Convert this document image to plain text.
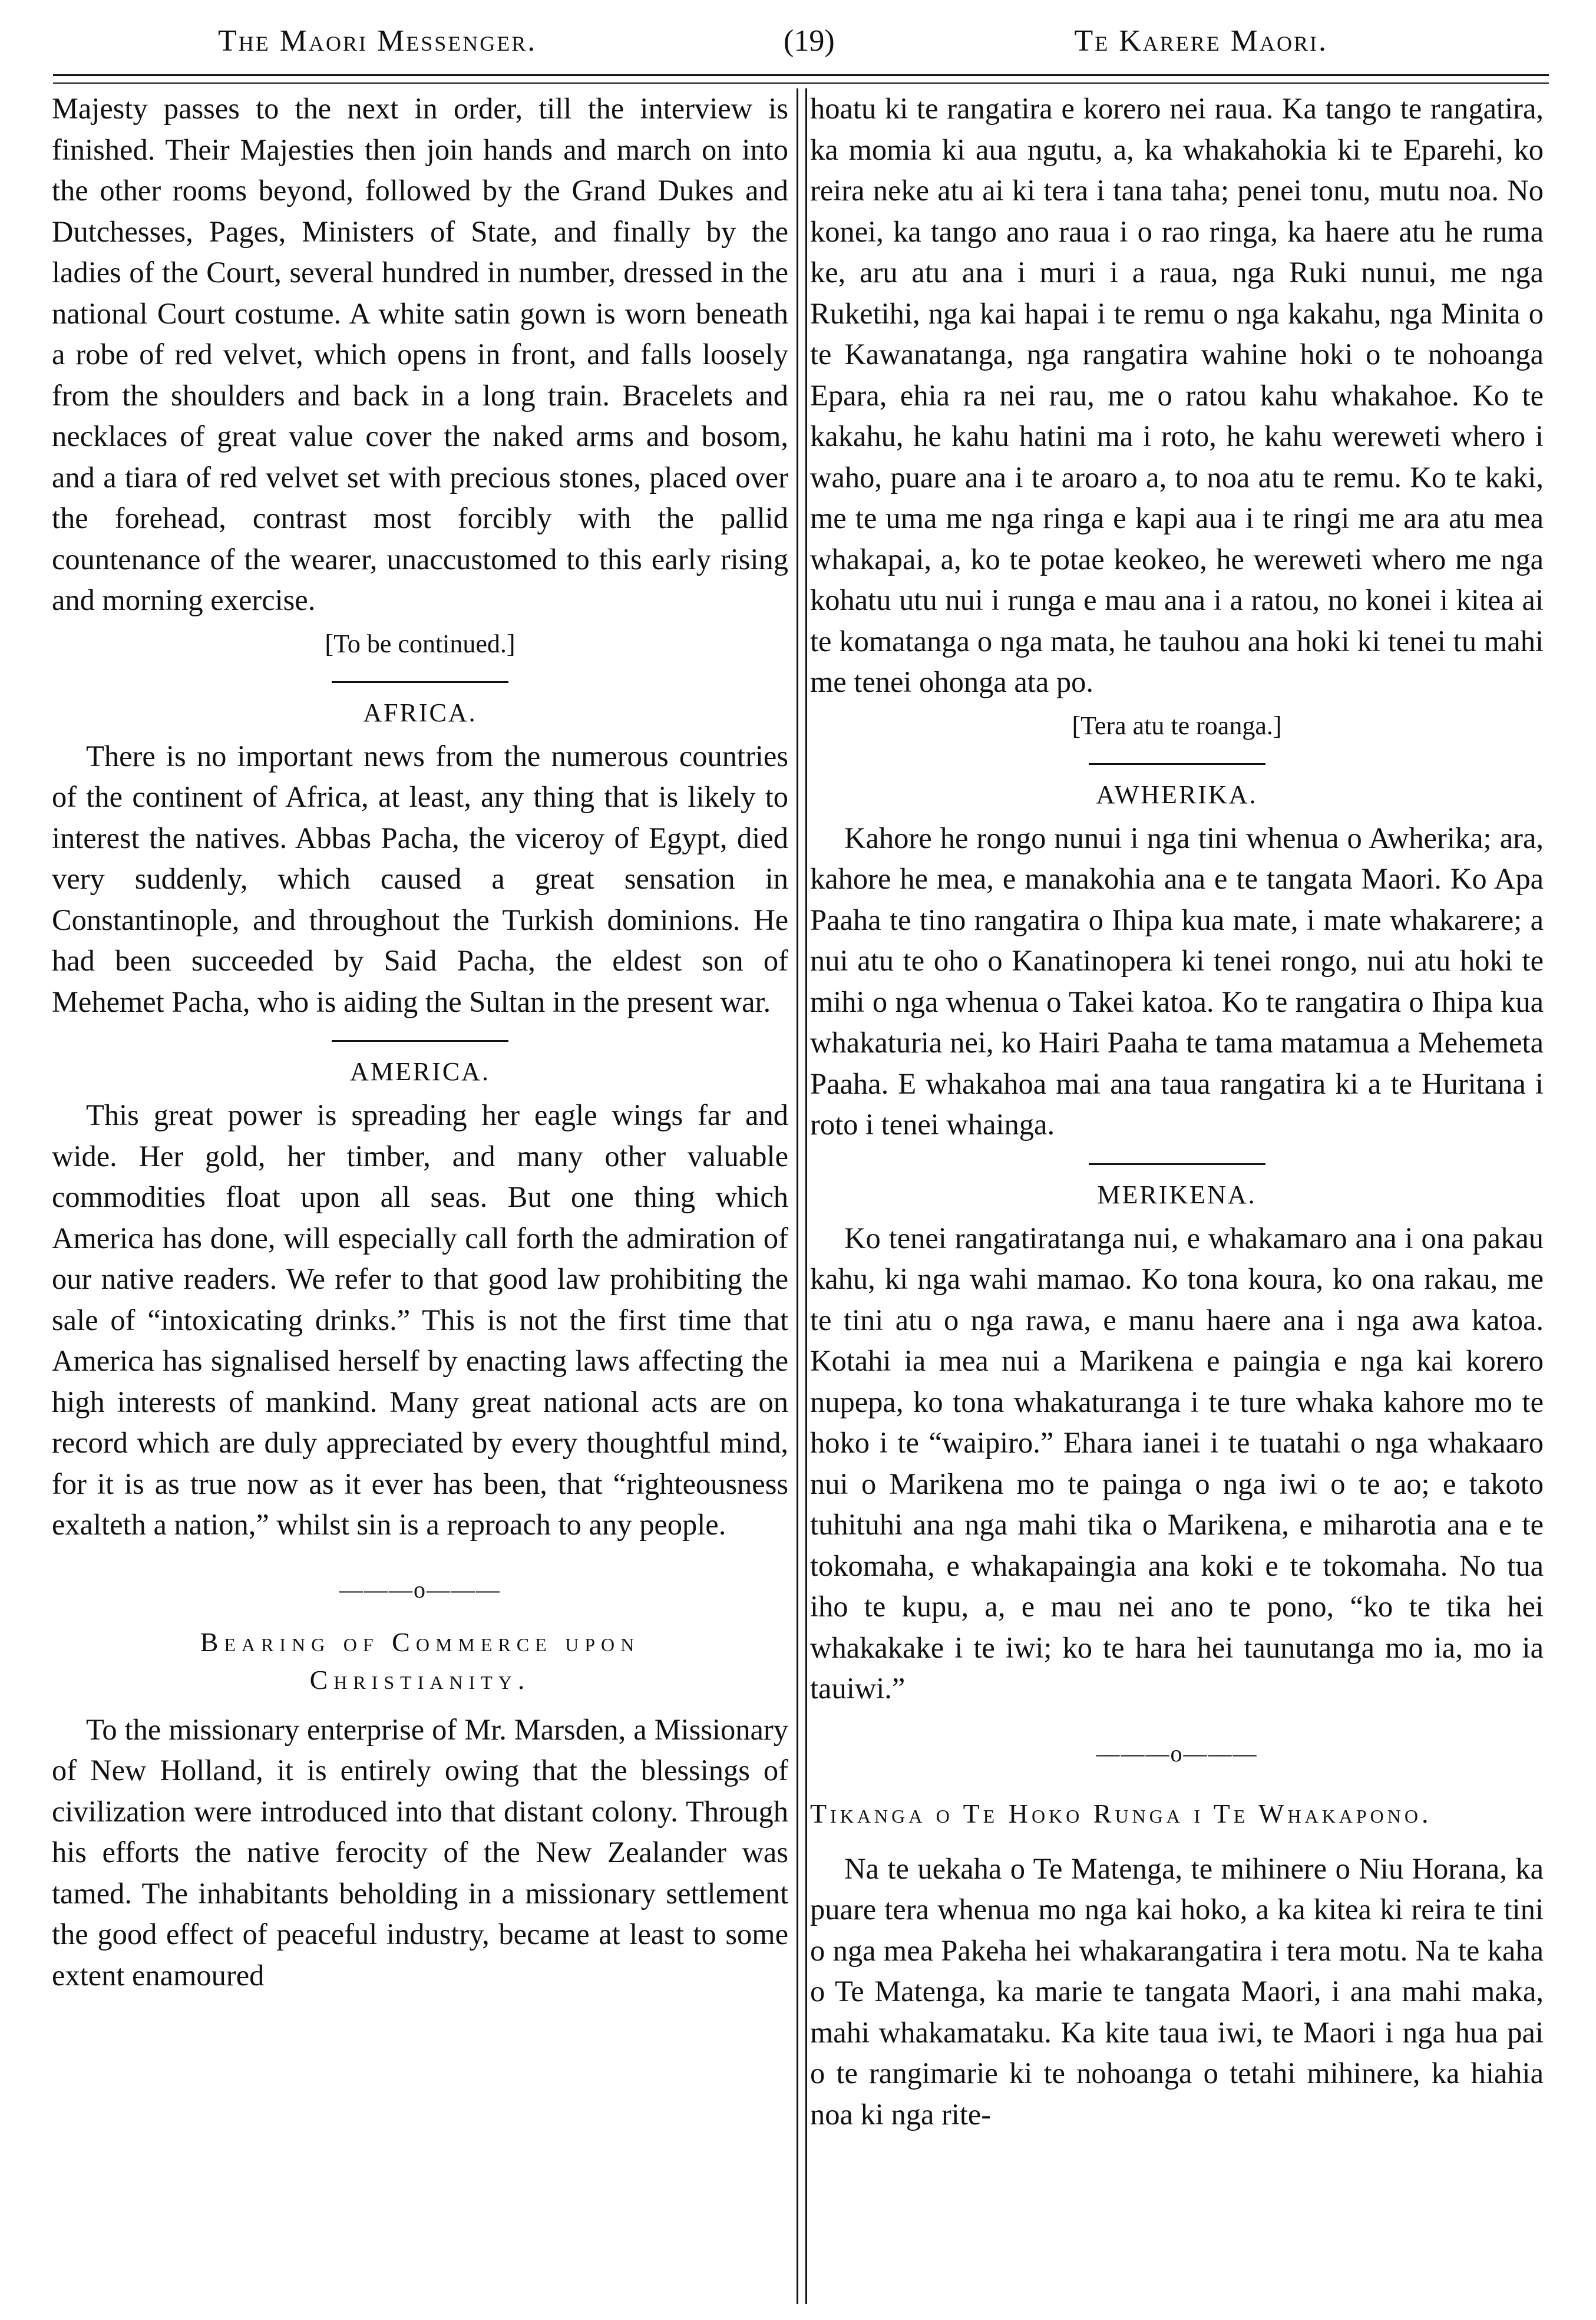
The Maori Messenger.	(19)	Te Karere Maori.

Majesty passes to the next in order, till the interview is finished. Their Majesties then join hands and march on into the other rooms beyond, followed by the Grand Dukes and Dutchesses, Pages, Ministers of State, and finally by the ladies of the Court, several hundred in number, dressed in the national Court costume. A white satin gown is worn beneath a robe of red velvet, which opens in front, and falls loosely from the shoulders and back in a long train. Bracelets and necklaces of great value cover the naked arms and bosom, and a tiara of red velvet set with precious stones, placed over the forehead, contrast most forcibly with the pallid countenance of the wearer, unaccustomed to this early rising and morning exercise.

[To be continued.]

AFRICA.

There is no important news from the numerous countries of the continent of Africa, at least, any thing that is likely to interest the natives. Abbas Pacha, the viceroy of Egypt, died very suddenly, which caused a great sensation in Constantinople, and throughout the Turkish dominions. He had been succeeded by Said Pacha, the eldest son of Mehemet Pacha, who is aiding the Sultan in the present war.

AMERICA.

This great power is spreading her eagle wings far and wide. Her gold, her timber, and many other valuable commodities float upon all seas. But one thing which America has done, will especially call forth the admiration of our native readers. We refer to that good law prohibiting the sale of “intoxicating drinks.” This is not the first time that America has signalised herself by enacting laws affecting the high interests of mankind. Many great national acts are on record which are duly appreciated by every thoughtful mind, for it is as true now as it ever has been, that “righteousness exalteth a nation,” whilst sin is a reproach to any people.

———o———
Bearing of Commerce upon
Christianity.

To the missionary enterprise of Mr. Marsden, a Missionary of New Holland, it is entirely owing that the blessings of civilization were introduced into that distant colony. Through his efforts the native ferocity of the New Zealander was tamed. The inhabitants beholding in a missionary settlement the good effect of peaceful industry, became at least to some extent enamoured

hoatu ki te rangatira e korero nei raua. Ka tango te rangatira, ka momia ki aua ngutu, a, ka whakahokia ki te Eparehi, ko reira neke atu ai ki tera i tana taha; penei tonu, mutu noa. No konei, ka tango ano raua i o rao ringa, ka haere atu he ruma ke, aru atu ana i muri i a raua, nga Ruki nunui, me nga Ruketihi, nga kai hapai i te remu o nga kakahu, nga Minita o te Kawanatanga, nga rangatira wahine hoki o te nohoanga Epara, ehia ra nei rau, me o ratou kahu whakahoe. Ko te kakahu, he kahu hatini ma i roto, he kahu wereweti whero i waho, puare ana i te aroaro a, to noa atu te remu. Ko te kaki, me te uma me nga ringa e kapi aua i te ringi me ara atu mea whakapai, a, ko te potae keokeo, he wereweti whero me nga kohatu utu nui i runga e mau ana i a ratou, no konei i kitea ai te komatanga o nga mata, he tauhou ana hoki ki tenei tu mahi me tenei ohonga ata po.

[Tera atu te roanga.]

AWHERIKA.

Kahore he rongo nunui i nga tini whenua o Awherika; ara, kahore he mea, e manakohia ana e te tangata Maori. Ko Apa Paaha te tino rangatira o Ihipa kua mate, i mate whakarere; a nui atu te oho o Kanatinopera ki tenei rongo, nui atu hoki te mihi o nga whenua o Takei katoa. Ko te rangatira o Ihipa kua whakaturia nei, ko Hairi Paaha te tama matamua a Mehemeta Paaha. E whakahoa mai ana taua rangatira ki a te Huritana i roto i tenei whainga.

MERIKENA.

Ko tenei rangatiratanga nui, e whakamaro ana i ona pakau kahu, ki nga wahi mamao. Ko tona koura, ko ona rakau, me te tini atu o nga rawa, e manu haere ana i nga awa katoa. Kotahi ia mea nui a Marikena e paingia e nga kai korero nupepa, ko tona whakaturanga i te ture whaka kahore mo te hoko i te “waipiro.” Ehara ianei i te tuatahi o nga whakaaro nui o Marikena mo te painga o nga iwi o te ao; e takoto tuhituhi ana nga mahi tika o Marikena, e miharotia ana e te tokomaha, e whakapaingia ana koki e te tokomaha. No tua iho te kupu, a, e mau nei ano te pono, “ko te tika hei whakakake i te iwi; ko te hara hei taunutanga mo ia, mo ia tauiwi.”

———o———
Tikanga o Te Hoko Runga i Te Whakapono.

Na te uekaha o Te Matenga, te mihinere o Niu Horana, ka puare tera whenua mo nga kai hoko, a ka kitea ki reira te tini o nga mea Pakeha hei whakarangatira i tera motu. Na te kaha o Te Matenga, ka marie te tangata Maori, i ana mahi maka, mahi whakamataku. Ka kite taua iwi, te Maori i nga hua pai o te rangimarie ki te nohoanga o tetahi mihinere, ka hiahia noa ki nga rite-
